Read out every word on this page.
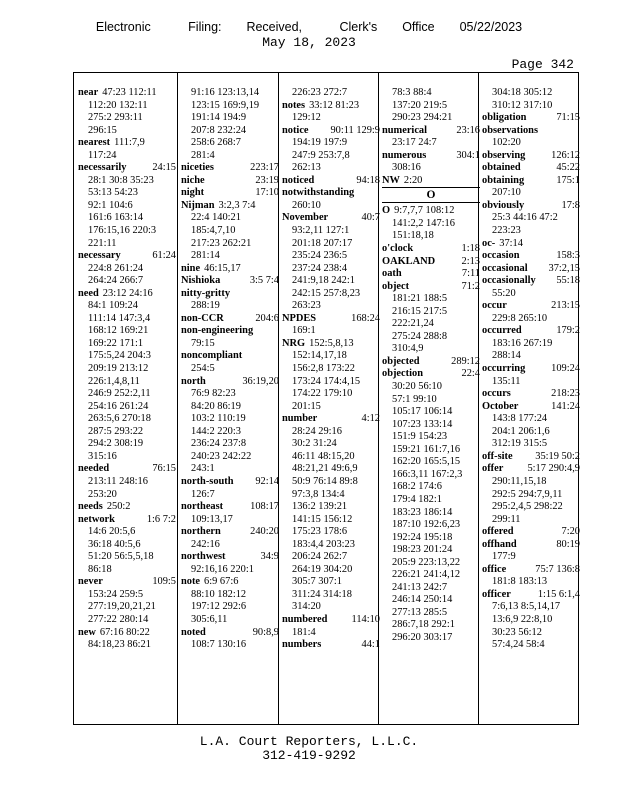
Electronic   Filing:  Received,   Clerk's  Office  05/22/2023
May 18, 2023
Page 342
near 47:23 112:11
112:20 132:11
275:2 293:11
296:15
nearest 111:7,9
117:24
necessarily 24:15
28:1 30:8 35:23
53:13 54:23
92:1 104:6
161:6 163:14
176:15,16 220:3
221:11
necessary	61:24
224:8 261:24
264:24 266:7
need 23:12 24:16
84:1 109:24
111:14 147:3,4
168:12 169:21
169:22 171:1
175:5,24 204:3
209:19 213:12
226:1,4,8,11
246:9 252:2,11
254:16 261:24
263:5,6 270:18
287:5 293:22
294:2 308:19
315:16
needed	76:15
213:11 248:16
253:20
needs 250:2
network	1:6 7:2
14:6 20:5,6
36:18 40:5,6
51:20 56:5,5,18
86:18
never	109:5
153:24 259:5
277:19,20,21,21
277:22 280:14
new 67:16 80:22
84:18,23 86:21
91:16 123:13,14
123:15 169:9,19
191:14 194:9
207:8 232:24
258:6 268:7
281:4
niceties	223:17
niche	23:19
night	17:10
Nijman 3:2,3 7:4
22:4 140:21
185:4,7,10
217:23 262:21
281:14
nine 46:15,17
Nishioka	3:5 7:4
nitty-gritty
288:19
non-CCR	204:6
non-engineering
79:15
noncompliant
254:5
north	36:19,20
76:9 82:23
84:20 86:19
103:2 110:19
144:2 220:3
236:24 237:8
240:23 242:22
243:1
north-south 92:14
126:7
northeast	108:17
109:13,17
northern	240:20
242:16
northwest	34:9
92:16,16 220:1
note 6:9 67:6
88:10 182:12
197:12 292:6
305:6,11
noted	90:8,9
108:7 130:16
226:23 272:7
notes 33:12 81:23
129:12
notice 90:11 129:9
194:19 197:9
247:9 253:7,8
262:13
noticed	94:18
notwithstanding
260:10
November	40:7
93:2,11 127:1
201:18 207:17
235:24 236:5
237:24 238:4
241:9,18 242:1
242:15 257:8,23
263:23
NPDES	168:24
169:1
NRG 152:5,8,13
152:14,17,18
156:2,8 173:22
173:24 174:4,15
174:22 179:10
201:15
number	4:12
28:24 29:16
30:2 31:24
46:11 48:15,20
48:21,21 49:6,9
50:9 76:14 89:8
97:3,8 134:4
136:2 139:21
141:15 156:12
175:23 178:6
183:4,4 203:23
206:24 262:7
264:19 304:20
305:7 307:1
311:24 314:18
314:20
numbered 114:10
181:4
numbers	44:1
78:3 88:4
137:20 219:5
290:23 294:21
numerical	23:16
23:17 24:7
numerous	304:1
308:16
NW 2:20
O
O 9:7,7,7 108:12
141:2,2 147:16
151:18,18
o'clock	1:18
OAKLAND	2:13
oath	7:11
object	71:2
181:21 188:5
216:15 217:5
222:21,24
275:24 288:8
310:4,9
objected	289:12
objection	22:4
30:20 56:10
57:1 99:10
105:17 106:14
107:23 133:14
151:9 154:23
159:21 161:7,16
162:20 165:5,15
166:3,11 167:2,3
168:2 174:6
179:4 182:1
183:23 186:14
187:10 192:6,23
192:24 195:18
198:23 201:24
205:9 223:13,22
226:21 241:4,12
241:13 242:7
246:14 250:14
277:13 285:5
286:7,18 292:1
296:20 303:17
304:18 305:12
310:12 317:10
obligation	71:15
observations
102:20
observing 126:12
obtained	45:22
obtaining	175:1
207:10
obviously	17:8
25:3 44:16 47:2
223:23
oc- 37:14
occasion	158:3
occasional 37:2,15
occasionally 55:18
55:20
occur	213:15
229:8 265:10
occurred	179:2
183:16 267:19
288:14
occurring 109:24
135:11
occurs	218:23
October	141:24
143:8 177:24
204:1 206:1,6
312:19 315:5
off-site 35:19 50:2
offer 5:17 290:4,9
290:11,15,18
292:5 294:7,9,11
295:2,4,5 298:22
299:11
offered	7:20
offhand	80:19
177:9
office	75:7 136:8
181:8 183:13
officer	1:15 6:1,4
7:6,13 8:5,14,17
13:6,9 22:8,10
30:23 56:12
57:4,24 58:4
L.A. Court Reporters, L.L.C.
312-419-9292
